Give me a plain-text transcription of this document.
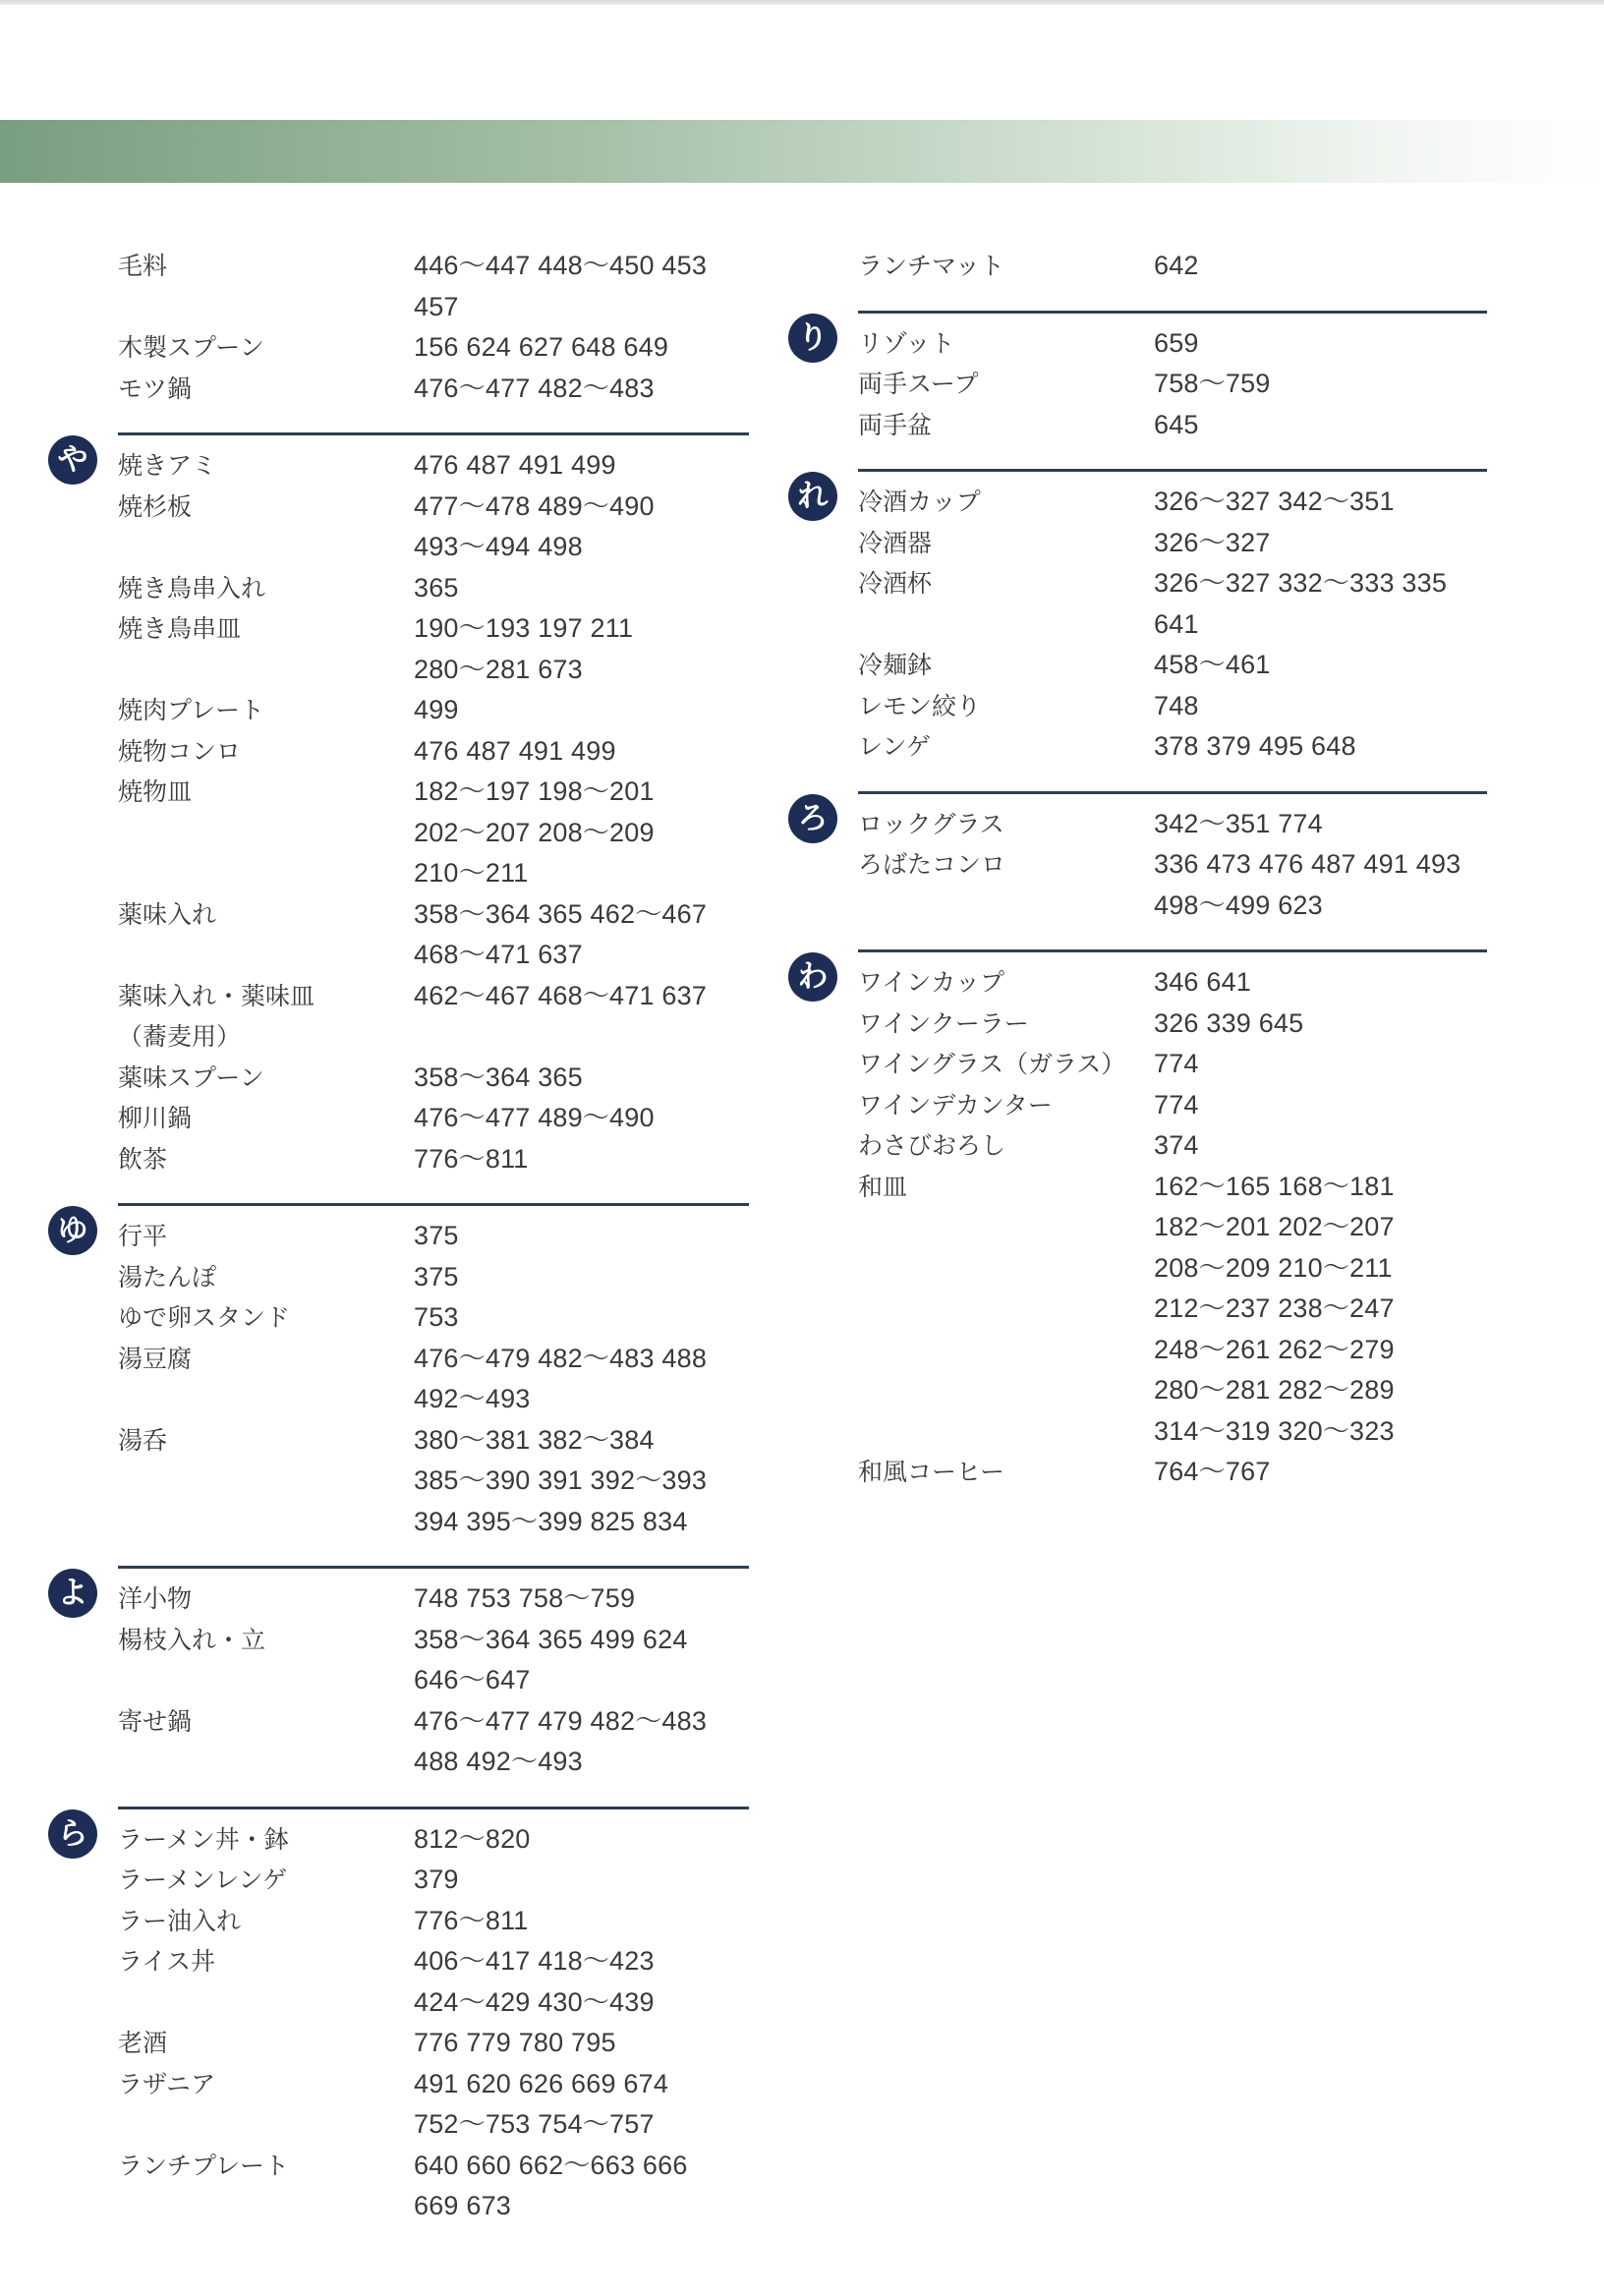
毛料	446～447 448～450 453
457
木製スプーン	156 624 627 648 649
モツ鍋	476～477 482～483
や	焼きアミ	476 487 491 499
焼杉板	477～478 489～490
493～494 498
焼き鳥串入れ	365
焼き鳥串皿	190～193 197 211
280～281 673
焼肉プレート	499
焼物コンロ	476 487 491 499
焼物皿	182～197 198～201
202～207 208～209
210～211
薬味入れ	358～364 365 462～467
468～471 637
薬味入れ・薬味皿
（蕎麦用）
462～467 468～471 637
薬味スプーン	358～364 365
柳川鍋	476～477 489～490
飲茶	776～811
ゆ	行平	375
湯たんぽ	375
ゆで卵スタンド	753
湯豆腐	476～479 482～483 488
492～493
湯呑	380～381 382～384
385～390 391 392～393
394 395～399 825 834
よ	洋小物	748 753 758～759
楊枝入れ・立	358～364 365 499 624
646～647
寄せ鍋	476～477 479 482～483
488 492～493
ら	ラーメン丼・鉢	812～820
ラーメンレンゲ	379
ラー油入れ	776～811
ライス丼	406～417 418～423
424～429 430～439
老酒	776 779 780 795
ラザニア	491 620 626 669 674
752～753 754～757
ランチプレート	640 660 662～663 666
669 673
ランチマット	642
り	リゾット	659
両手スープ	758～759
両手盆	645
れ	冷酒カップ	326～327 342～351
冷酒器	326～327
冷酒杯	326～327 332～333 335
641
冷麺鉢	458～461
レモン絞り	748
レンゲ	378 379 495 648
ろ	ロックグラス	342～351 774
ろばたコンロ	336 473 476 487 491 493
498～499 623
わ	ワインカップ	346 641
ワインクーラー	326 339 645
ワイングラス（ガラス）	774
ワインデカンター	774
わさびおろし	374
和皿	162～165 168～181
182～201 202～207
208～209 210～211
212～237 238～247
248～261 262～279
280～281 282～289
314～319 320～323
和風コーヒー	764～767
